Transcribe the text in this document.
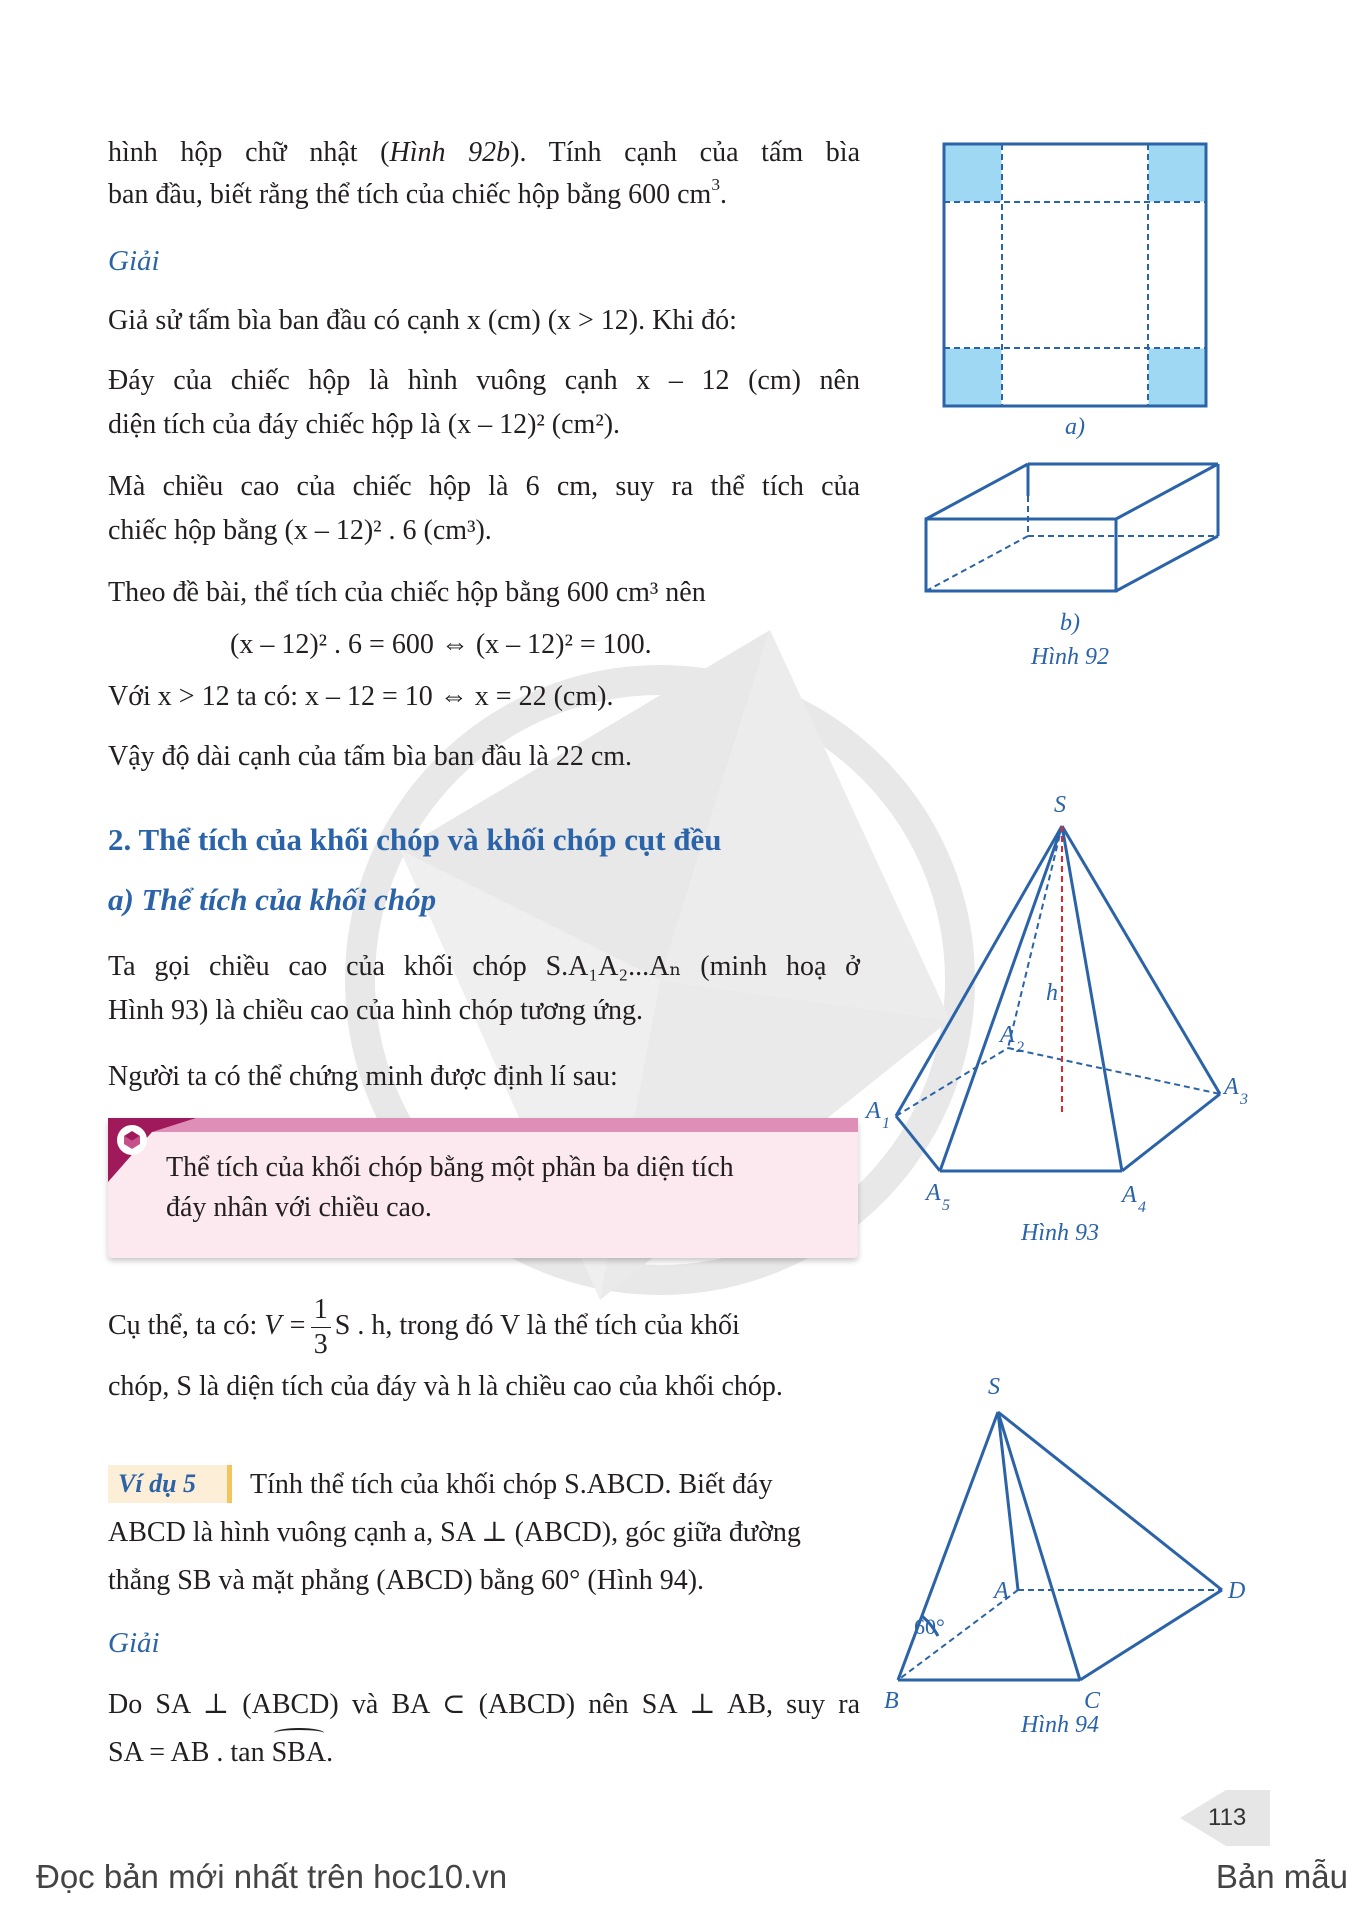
hình hộp chữ nhật (Hình 92b). Tính cạnh của tấm bìa

ban đầu, biết rằng thể tích của chiếc hộp bằng 600 $cm^3$.

Giải

Giả sử tấm bìa ban đầu có cạnh x (cm) (x > 12). Khi đó:

Đáy của chiếc hộp là hình vuông cạnh x – 12 (cm) nên

diện tích của đáy chiếc hộp là (x – 12)² (cm²).

Mà chiều cao của chiếc hộp là 6 cm, suy ra thể tích của

chiếc hộp bằng (x – 12)² . 6 (cm³).

Theo đề bài, thể tích của chiếc hộp bằng 600 cm³ nên

(x – 12)² . 6 = 600 ⇔ (x – 12)² = 100.

Với x > 12 ta có: x – 12 = 10 ⇔ x = 22 (cm).

Vậy độ dài cạnh của tấm bìa ban đầu là 22 cm.

2. Thể tích của khối chóp và khối chóp cụt đều

a) Thể tích của khối chóp

Ta gọi chiều cao của khối chóp S.A₁A₂...Aₙ (minh hoạ ở

Hình 93) là chiều cao của hình chóp tương ứng.

Người ta có thể chứng minh được định lí sau:

Thể tích của khối chóp bằng một phần ba diện tích
đáy nhân với chiều cao.

Cụ thể, ta có: $V = \frac{1}{3}$ S . h, trong đó V là thể tích của khối

chóp, S là diện tích của đáy và h là chiều cao của khối chóp.

Ví dụ 5	Tính thể tích của khối chóp S.ABCD. Biết đáy

ABCD là hình vuông cạnh a, SA ⊥ (ABCD), góc giữa đường

thẳng SB và mặt phẳng (ABCD) bằng 60° (Hình 94).

Giải

Do SA ⊥ (ABCD) và BA ⊂ (ABCD) nên SA ⊥ AB, suy ra

SA = AB . tan SBA.

a)
b)
Hình 92
S
h
A 1
A 2
A 3
A 4
A 5
Hình 93
S
A
B	C
D
60°
Hình 94
113
Đọc bản mới nhất trên hoc10.vn	Bản mẫu
